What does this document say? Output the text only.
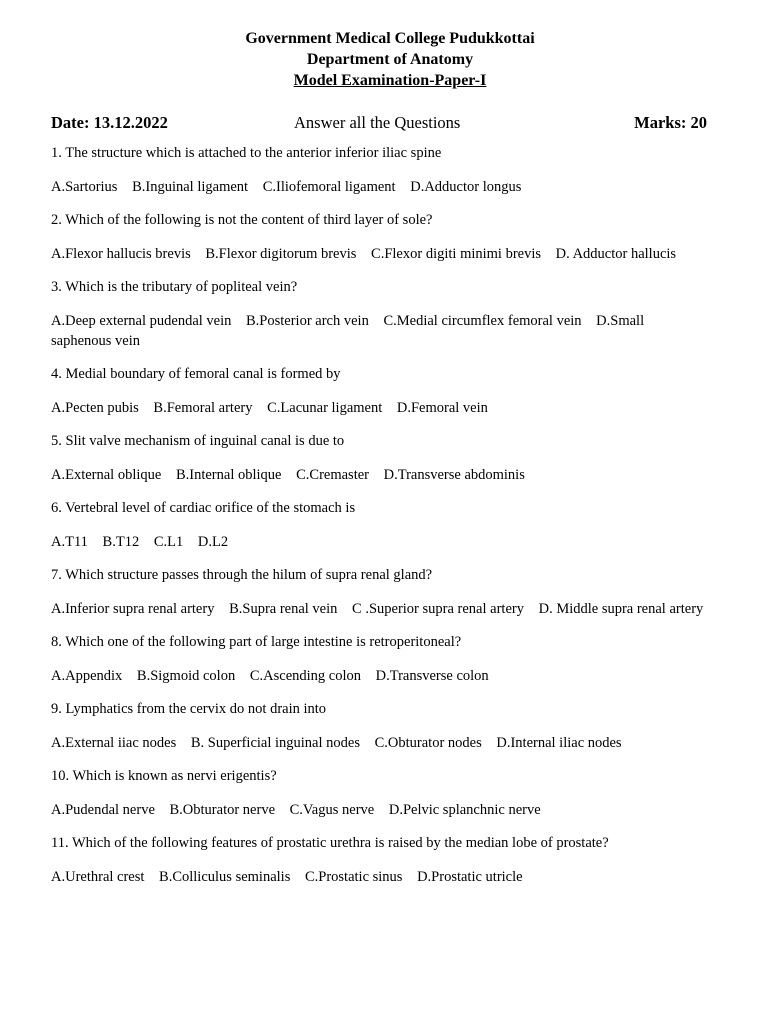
Government Medical College Pudukkottai
Department of Anatomy
Model Examination-Paper-I
Date: 13.12.2022	Answer all the Questions	Marks: 20
1. The structure which is attached to the anterior inferior iliac spine
A.Sartorius B.Inguinal ligament C.Iliofemoral ligament D.Adductor longus
2. Which of the following is not the content of third layer of sole?
A.Flexor hallucis brevis B.Flexor digitorum brevis C.Flexor digiti minimi brevis D. Adductor hallucis
3. Which is the tributary of popliteal vein?
A.Deep external pudendal vein B.Posterior arch vein C.Medial circumflex femoral vein D.Small saphenous vein
4. Medial boundary of femoral canal is formed by
A.Pecten pubis B.Femoral artery C.Lacunar ligament D.Femoral vein
5. Slit valve mechanism of inguinal canal is due to
A.External oblique B.Internal oblique C.Cremaster D.Transverse abdominis
6. Vertebral level of cardiac orifice of the stomach is
A.T11 B.T12 C.L1 D.L2
7. Which structure passes through the hilum of supra renal gland?
A.Inferior supra renal artery B.Supra renal vein C .Superior supra renal artery D. Middle supra renal artery
8. Which one of the following part of large intestine is retroperitoneal?
A.Appendix B.Sigmoid colon C.Ascending colon D.Transverse colon
9. Lymphatics from the cervix do not drain into
A.External iiac nodes B. Superficial inguinal nodes C.Obturator nodes D.Internal iliac nodes
10. Which is known as nervi erigentis?
A.Pudendal nerve B.Obturator nerve C.Vagus nerve D.Pelvic splanchnic nerve
11. Which of the following features of prostatic urethra is raised by the median lobe of prostate?
A.Urethral crest B.Colliculus seminalis C.Prostatic sinus D.Prostatic utricle
